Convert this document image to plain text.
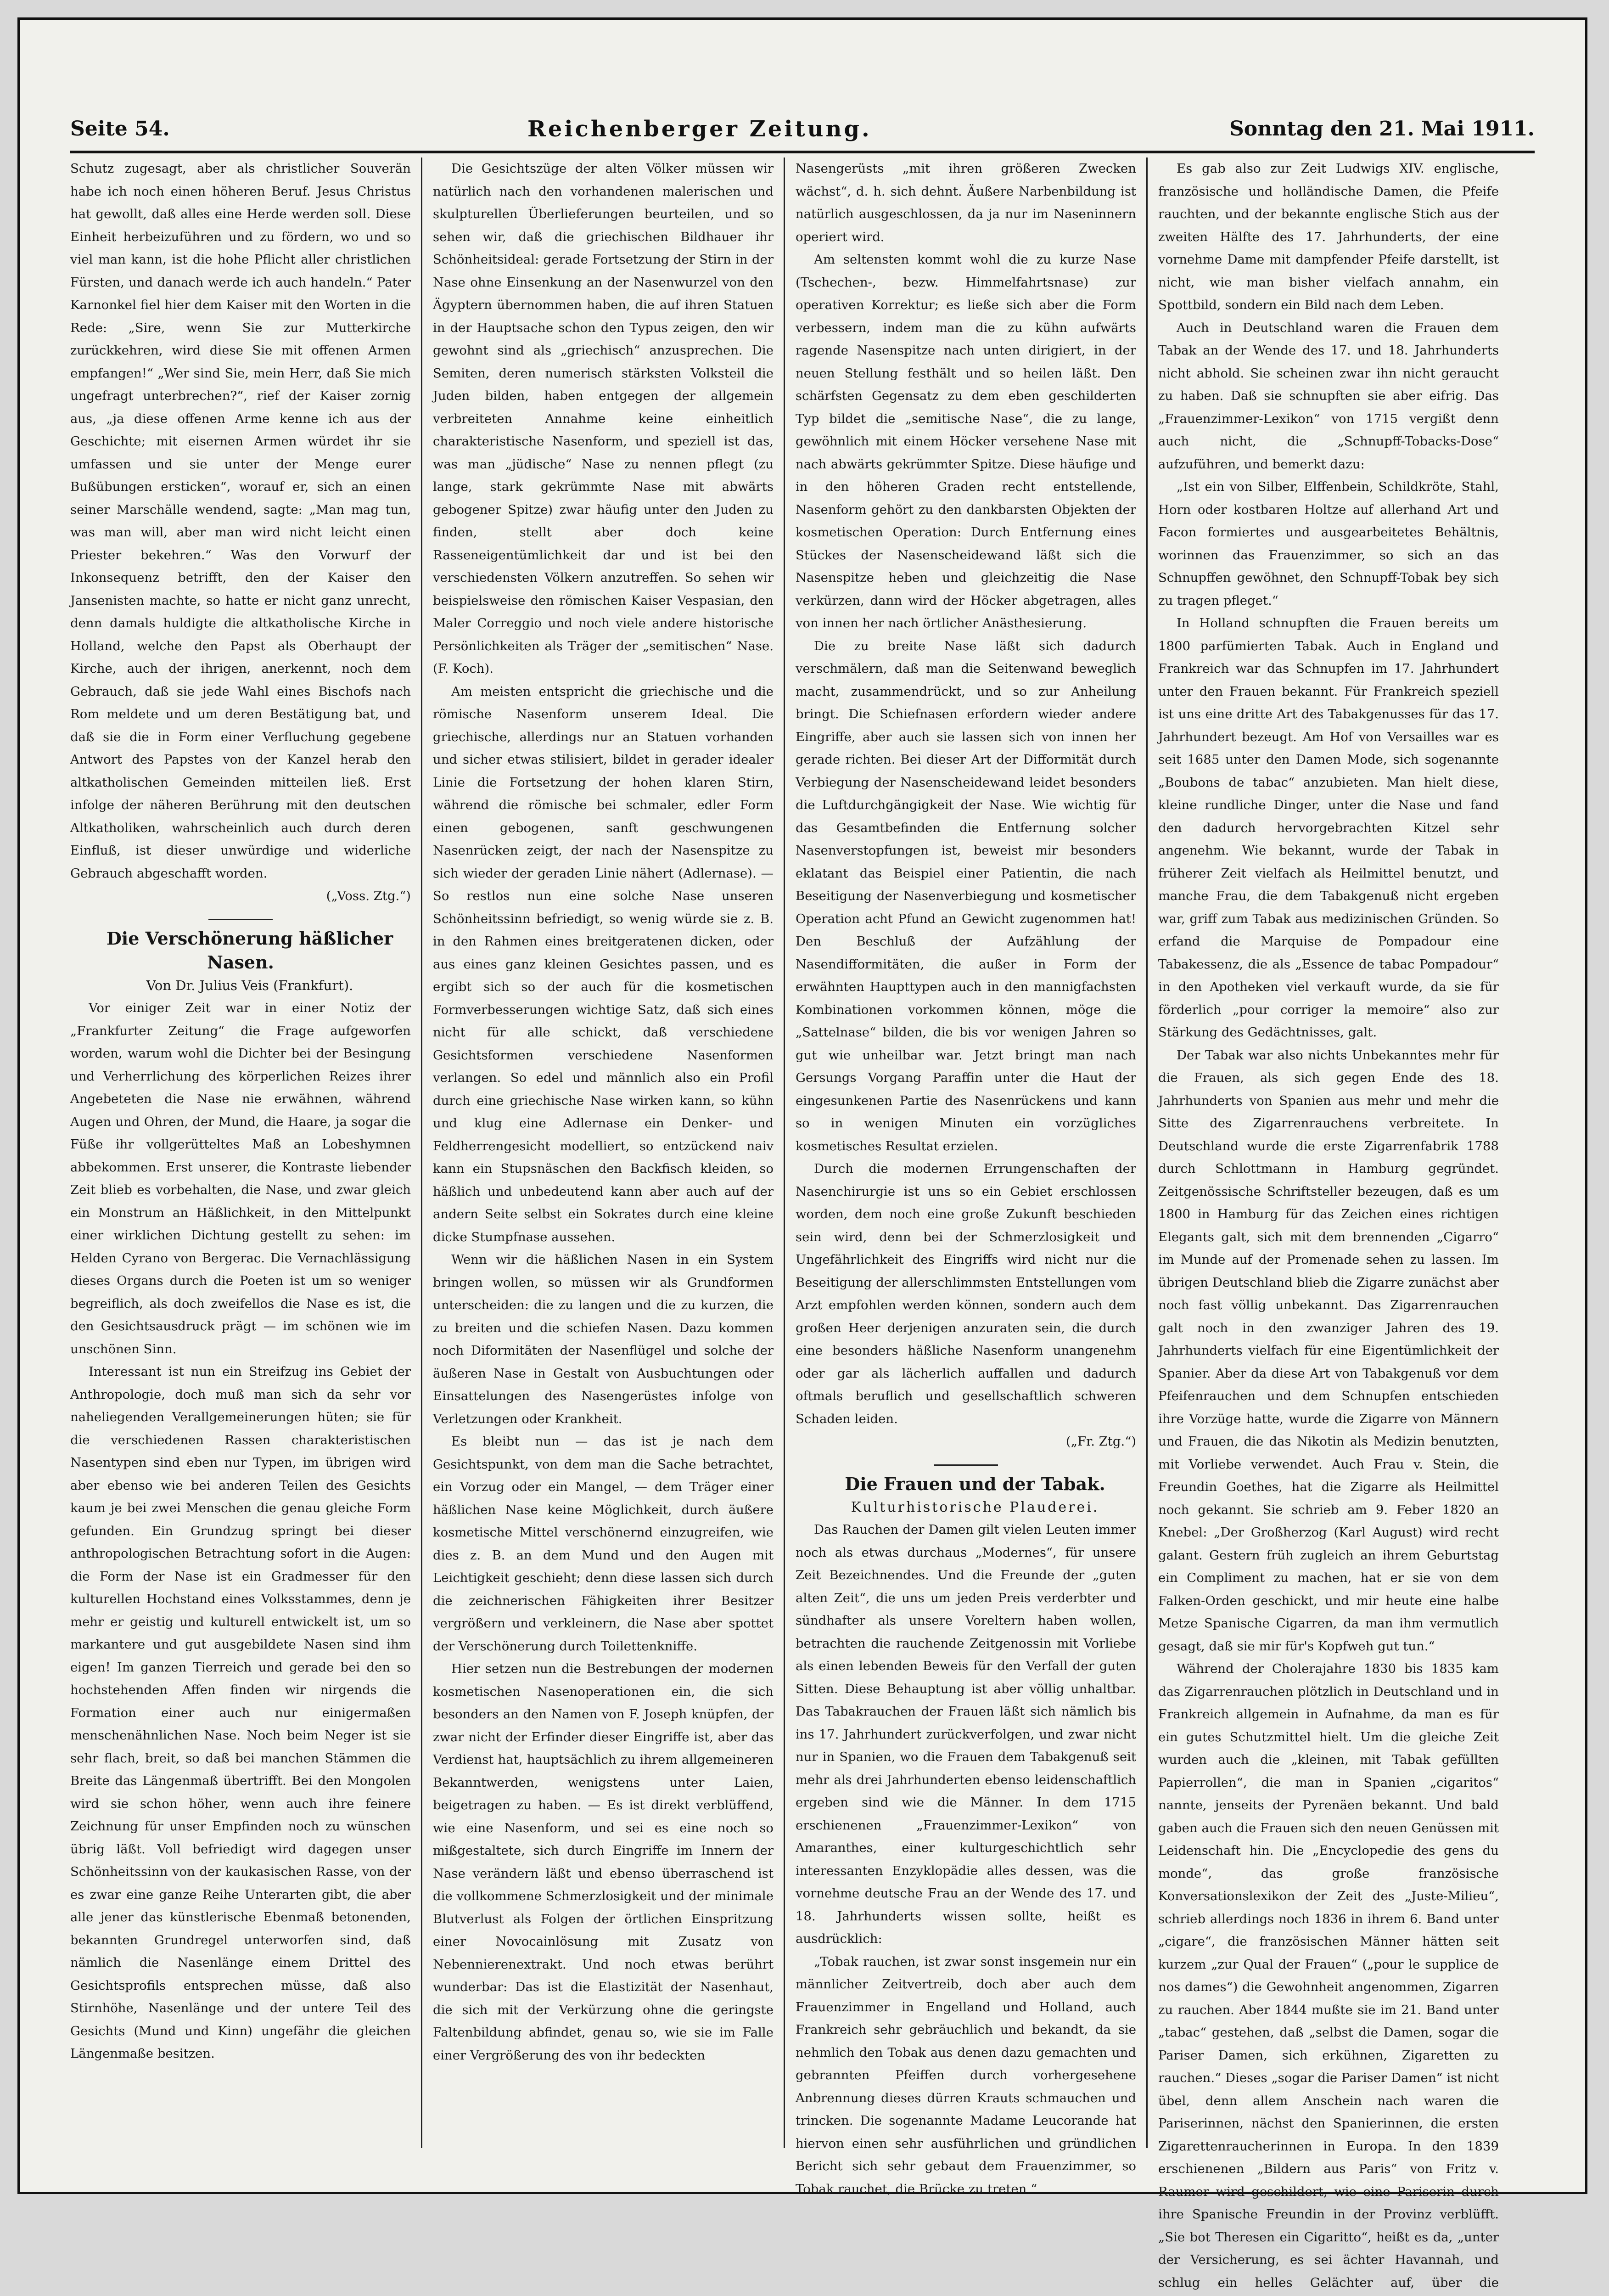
Seite 54.	Reichenberger Zeitung.	Sonntag den 21. Mai 1911.

Schutz zugesagt, aber als christlicher Souverän habe ich noch einen höheren Beruf. Jesus Christus hat gewollt, daß alles eine Herde werden soll. Diese Einheit herbeizuführen und zu fördern, wo und so viel man kann, ist die hohe Pflicht aller christlichen Fürsten, und danach werde ich auch handeln.“ Pater Karnonkel fiel hier dem Kaiser mit den Worten in die Rede: „Sire, wenn Sie zur Mutterkirche zurückkehren, wird diese Sie mit offenen Armen empfangen!“ „Wer sind Sie, mein Herr, daß Sie mich ungefragt unterbrechen?“, rief der Kaiser zornig aus, „ja diese offenen Arme kenne ich aus der Geschichte; mit eisernen Armen würdet ihr sie umfassen und sie unter der Menge eurer Bußübungen ersticken“, worauf er, sich an einen seiner Marschälle wendend, sagte: „Man mag tun, was man will, aber man wird nicht leicht einen Priester bekehren.“ Was den Vorwurf der Inkonsequenz betrifft, den der Kaiser den Jansenisten machte, so hatte er nicht ganz unrecht, denn damals huldigte die altkatholische Kirche in Holland, welche den Papst als Oberhaupt der Kirche, auch der ihrigen, anerkennt, noch dem Gebrauch, daß sie jede Wahl eines Bischofs nach Rom meldete und um deren Bestätigung bat, und daß sie die in Form einer Verfluchung gegebene Antwort des Papstes von der Kanzel herab den altkatholischen Gemeinden mitteilen ließ. Erst infolge der näheren Berührung mit den deutschen Altkatholiken, wahrscheinlich auch durch deren Einfluß, ist dieser unwürdige und widerliche Gebrauch abgeschafft worden.

(„Voss. Ztg.“)

Die Verschönerung häßlicher Nasen.

Von Dr. Julius Veis (Frankfurt).

Vor einiger Zeit war in einer Notiz der „Frankfurter Zeitung“ die Frage aufgeworfen worden, warum wohl die Dichter bei der Besingung und Verherrlichung des körperlichen Reizes ihrer Angebeteten die Nase nie erwähnen, während Augen und Ohren, der Mund, die Haare, ja sogar die Füße ihr vollgerütteltes Maß an Lobeshymnen abbekommen. Erst unserer, die Kontraste liebender Zeit blieb es vorbehalten, die Nase, und zwar gleich ein Monstrum an Häßlichkeit, in den Mittelpunkt einer wirklichen Dichtung gestellt zu sehen: im Helden Cyrano von Bergerac. Die Vernachlässigung dieses Organs durch die Poeten ist um so weniger begreiflich, als doch zweifellos die Nase es ist, die den Gesichtsausdruck prägt — im schönen wie im unschönen Sinn.

Interessant ist nun ein Streifzug ins Gebiet der Anthropologie, doch muß man sich da sehr vor naheliegenden Verallgemeinerungen hüten; sie für die verschiedenen Rassen charakteristischen Nasentypen sind eben nur Typen, im übrigen wird aber ebenso wie bei anderen Teilen des Gesichts kaum je bei zwei Menschen die genau gleiche Form gefunden. Ein Grundzug springt bei dieser anthropologischen Betrachtung sofort in die Augen: die Form der Nase ist ein Gradmesser für den kulturellen Hochstand eines Volksstammes, denn je mehr er geistig und kulturell entwickelt ist, um so markantere und gut ausgebildete Nasen sind ihm eigen! Im ganzen Tierreich und gerade bei den so hochstehenden Affen finden wir nirgends die Formation einer auch nur einigermaßen menschenähnlichen Nase. Noch beim Neger ist sie sehr flach, breit, so daß bei manchen Stämmen die Breite das Längenmaß übertrifft. Bei den Mongolen wird sie schon höher, wenn auch ihre feinere Zeichnung für unser Empfinden noch zu wünschen übrig läßt. Voll befriedigt wird dagegen unser Schönheitssinn von der kaukasischen Rasse, von der es zwar eine ganze Reihe Unterarten gibt, die aber alle jener das künstlerische Ebenmaß betonenden, bekannten Grundregel unterworfen sind, daß nämlich die Nasenlänge einem Drittel des Gesichtsprofils entsprechen müsse, daß also Stirnhöhe, Nasenlänge und der untere Teil des Gesichts (Mund und Kinn) ungefähr die gleichen Längenmaße besitzen.

Die Gesichtszüge der alten Völker müssen wir natürlich nach den vorhandenen malerischen und skulpturellen Überlieferungen beurteilen, und so sehen wir, daß die griechischen Bildhauer ihr Schönheitsideal: gerade Fortsetzung der Stirn in der Nase ohne Einsenkung an der Nasenwurzel von den Ägyptern übernommen haben, die auf ihren Statuen in der Hauptsache schon den Typus zeigen, den wir gewohnt sind als „griechisch“ anzusprechen. Die Semiten, deren numerisch stärksten Volksteil die Juden bilden, haben entgegen der allgemein verbreiteten Annahme keine einheitlich charakteristische Nasenform, und speziell ist das, was man „jüdische“ Nase zu nennen pflegt (zu lange, stark gekrümmte Nase mit abwärts gebogener Spitze) zwar häufig unter den Juden zu finden, stellt aber doch keine Rasseneigentümlichkeit dar und ist bei den verschiedensten Völkern anzutreffen. So sehen wir beispielsweise den römischen Kaiser Vespasian, den Maler Correggio und noch viele andere historische Persönlichkeiten als Träger der „semitischen“ Nase. (F. Koch).

Am meisten entspricht die griechische und die römische Nasenform unserem Ideal. Die griechische, allerdings nur an Statuen vorhanden und sicher etwas stilisiert, bildet in gerader idealer Linie die Fortsetzung der hohen klaren Stirn, während die römische bei schmaler, edler Form einen gebogenen, sanft geschwungenen Nasenrücken zeigt, der nach der Nasenspitze zu sich wieder der geraden Linie nähert (Adlernase). — So restlos nun eine solche Nase unseren Schönheitssinn befriedigt, so wenig würde sie z. B. in den Rahmen eines breitgeratenen dicken, oder aus eines ganz kleinen Gesichtes passen, und es ergibt sich so der auch für die kosmetischen Formverbesserungen wichtige Satz, daß sich eines nicht für alle schickt, daß verschiedene Gesichtsformen verschiedene Nasenformen verlangen. So edel und männlich also ein Profil durch eine griechische Nase wirken kann, so kühn und klug eine Adlernase ein Denker- und Feldherrengesicht modelliert, so entzückend naiv kann ein Stupsnäschen den Backfisch kleiden, so häßlich und unbedeutend kann aber auch auf der andern Seite selbst ein Sokrates durch eine kleine dicke Stumpfnase aussehen.

Wenn wir die häßlichen Nasen in ein System bringen wollen, so müssen wir als Grundformen unterscheiden: die zu langen und die zu kurzen, die zu breiten und die schiefen Nasen. Dazu kommen noch Diformitäten der Nasenflügel und solche der äußeren Nase in Gestalt von Ausbuchtungen oder Einsattelungen des Nasengerüstes infolge von Verletzungen oder Krankheit.

Es bleibt nun — das ist je nach dem Gesichtspunkt, von dem man die Sache betrachtet, ein Vorzug oder ein Mangel, — dem Träger einer häßlichen Nase keine Möglichkeit, durch äußere kosmetische Mittel verschönernd einzugreifen, wie dies z. B. an dem Mund und den Augen mit Leichtigkeit geschieht; denn diese lassen sich durch die zeichnerischen Fähigkeiten ihrer Besitzer vergrößern und verkleinern, die Nase aber spottet der Verschönerung durch Toilettenkniffe.

Hier setzen nun die Bestrebungen der modernen kosmetischen Nasenoperationen ein, die sich besonders an den Namen von F. Joseph knüpfen, der zwar nicht der Erfinder dieser Eingriffe ist, aber das Verdienst hat, hauptsächlich zu ihrem allgemeineren Bekanntwerden, wenigstens unter Laien, beigetragen zu haben. — Es ist direkt verblüffend, wie eine Nasenform, und sei es eine noch so mißgestaltete, sich durch Eingriffe im Innern der Nase verändern läßt und ebenso überraschend ist die vollkommene Schmerzlosigkeit und der minimale Blutverlust als Folgen der örtlichen Einspritzung einer Novocainlösung mit Zusatz von Nebennierenextrakt. Und noch etwas berührt wunderbar: Das ist die Elastizität der Nasenhaut, die sich mit der Verkürzung ohne die geringste Faltenbildung abfindet, genau so, wie sie im Falle einer Vergrößerung des von ihr bedeckten

Nasengerüsts „mit ihren größeren Zwecken wächst“, d. h. sich dehnt. Äußere Narbenbildung ist natürlich ausgeschlossen, da ja nur im Naseninnern operiert wird.

Am seltensten kommt wohl die zu kurze Nase (Tschechen-, bezw. Himmelfahrtsnase) zur operativen Korrektur; es ließe sich aber die Form verbessern, indem man die zu kühn aufwärts ragende Nasenspitze nach unten dirigiert, in der neuen Stellung festhält und so heilen läßt. Den schärfsten Gegensatz zu dem eben geschilderten Typ bildet die „semitische Nase“, die zu lange, gewöhnlich mit einem Höcker versehene Nase mit nach abwärts gekrümmter Spitze. Diese häufige und in den höheren Graden recht entstellende, Nasenform gehört zu den dankbarsten Objekten der kosmetischen Operation: Durch Entfernung eines Stückes der Nasenscheidewand läßt sich die Nasenspitze heben und gleichzeitig die Nase verkürzen, dann wird der Höcker abgetragen, alles von innen her nach örtlicher Anästhesierung.

Die zu breite Nase läßt sich dadurch verschmälern, daß man die Seitenwand beweglich macht, zusammendrückt, und so zur Anheilung bringt. Die Schiefnasen erfordern wieder andere Eingriffe, aber auch sie lassen sich von innen her gerade richten. Bei dieser Art der Difformität durch Verbiegung der Nasenscheidewand leidet besonders die Luftdurchgängigkeit der Nase. Wie wichtig für das Gesamtbefinden die Entfernung solcher Nasenverstopfungen ist, beweist mir besonders eklatant das Beispiel einer Patientin, die nach Beseitigung der Nasenverbiegung und kosmetischer Operation acht Pfund an Gewicht zugenommen hat! Den Beschluß der Aufzählung der Nasendifformitäten, die außer in Form der erwähnten Haupttypen auch in den mannigfachsten Kombinationen vorkommen können, möge die „Sattelnase“ bilden, die bis vor wenigen Jahren so gut wie unheilbar war. Jetzt bringt man nach Gersungs Vorgang Paraffin unter die Haut der eingesunkenen Partie des Nasenrückens und kann so in wenigen Minuten ein vorzügliches kosmetisches Resultat erzielen.

Durch die modernen Errungenschaften der Nasenchirurgie ist uns so ein Gebiet erschlossen worden, dem noch eine große Zukunft beschieden sein wird, denn bei der Schmerzlosigkeit und Ungefährlichkeit des Eingriffs wird nicht nur die Beseitigung der allerschlimmsten Entstellungen vom Arzt empfohlen werden können, sondern auch dem großen Heer derjenigen anzuraten sein, die durch eine besonders häßliche Nasenform unangenehm oder gar als lächerlich auffallen und dadurch oftmals beruflich und gesellschaftlich schweren Schaden leiden.

(„Fr. Ztg.“)

Die Frauen und der Tabak.

Kulturhistorische Plauderei.

Das Rauchen der Damen gilt vielen Leuten immer noch als etwas durchaus „Modernes“, für unsere Zeit Bezeichnendes. Und die Freunde der „guten alten Zeit“, die uns um jeden Preis verderbter und sündhafter als unsere Voreltern haben wollen, betrachten die rauchende Zeitgenossin mit Vorliebe als einen lebenden Beweis für den Verfall der guten Sitten. Diese Behauptung ist aber völlig unhaltbar. Das Tabakrauchen der Frauen läßt sich nämlich bis ins 17. Jahrhundert zurückverfolgen, und zwar nicht nur in Spanien, wo die Frauen dem Tabakgenuß seit mehr als drei Jahrhunderten ebenso leidenschaftlich ergeben sind wie die Männer. In dem 1715 erschienenen „Frauenzimmer-Lexikon“ von Amaranthes, einer kulturgeschichtlich sehr interessanten Enzyklopädie alles dessen, was die vornehme deutsche Frau an der Wende des 17. und 18. Jahrhunderts wissen sollte, heißt es ausdrücklich:

„Tobak rauchen, ist zwar sonst insgemein nur ein männlicher Zeitvertreib, doch aber auch dem Frauenzimmer in Engelland und Holland, auch Frankreich sehr gebräuchlich und bekandt, da sie nehmlich den Tobak aus denen dazu gemachten und gebrannten Pfeiffen durch vorhergesehene Anbrennung dieses dürren Krauts schmauchen und trincken. Die sogenannte Madame Leucorande hat hiervon einen sehr ausführlichen und gründlichen Bericht sich sehr gebaut dem Frauenzimmer, so Tobak rauchet, die Brücke zu treten.“

Es gab also zur Zeit Ludwigs XIV. englische, französische und holländische Damen, die Pfeife rauchten, und der bekannte englische Stich aus der zweiten Hälfte des 17. Jahrhunderts, der eine vornehme Dame mit dampfender Pfeife darstellt, ist nicht, wie man bisher vielfach annahm, ein Spottbild, sondern ein Bild nach dem Leben.

Auch in Deutschland waren die Frauen dem Tabak an der Wende des 17. und 18. Jahrhunderts nicht abhold. Sie scheinen zwar ihn nicht geraucht zu haben. Daß sie schnupften sie aber eifrig. Das „Frauenzimmer-Lexikon“ von 1715 vergißt denn auch nicht, die „Schnupff-Tobacks-Dose“ aufzuführen, und bemerkt dazu:

„Ist ein von Silber, Elffenbein, Schildkröte, Stahl, Horn oder kostbaren Holtze auf allerhand Art und Facon formiertes und ausgearbeitetes Behältnis, worinnen das Frauenzimmer, so sich an das Schnupffen gewöhnet, den Schnupff-Tobak bey sich zu tragen pfleget.“

In Holland schnupften die Frauen bereits um 1800 parfümierten Tabak. Auch in England und Frankreich war das Schnupfen im 17. Jahrhundert unter den Frauen bekannt. Für Frankreich speziell ist uns eine dritte Art des Tabakgenusses für das 17. Jahrhundert bezeugt. Am Hof von Versailles war es seit 1685 unter den Damen Mode, sich sogenannte „Boubons de tabac“ anzubieten. Man hielt diese, kleine rundliche Dinger, unter die Nase und fand den dadurch hervorgebrachten Kitzel sehr angenehm. Wie bekannt, wurde der Tabak in früherer Zeit vielfach als Heilmittel benutzt, und manche Frau, die dem Tabakgenuß nicht ergeben war, griff zum Tabak aus medizinischen Gründen. So erfand die Marquise de Pompadour eine Tabakessenz, die als „Essence de tabac Pompadour“ in den Apotheken viel verkauft wurde, da sie für förderlich „pour corriger la memoire“ also zur Stärkung des Gedächtnisses, galt.

Der Tabak war also nichts Unbekanntes mehr für die Frauen, als sich gegen Ende des 18. Jahrhunderts von Spanien aus mehr und mehr die Sitte des Zigarrenrauchens verbreitete. In Deutschland wurde die erste Zigarrenfabrik 1788 durch Schlottmann in Hamburg gegründet. Zeitgenössische Schriftsteller bezeugen, daß es um 1800 in Hamburg für das Zeichen eines richtigen Elegants galt, sich mit dem brennenden „Cigarro“ im Munde auf der Promenade sehen zu lassen. Im übrigen Deutschland blieb die Zigarre zunächst aber noch fast völlig unbekannt. Das Zigarrenrauchen galt noch in den zwanziger Jahren des 19. Jahrhunderts vielfach für eine Eigentümlichkeit der Spanier. Aber da diese Art von Tabakgenuß vor dem Pfeifenrauchen und dem Schnupfen entschieden ihre Vorzüge hatte, wurde die Zigarre von Männern und Frauen, die das Nikotin als Medizin benutzten, mit Vorliebe verwendet. Auch Frau v. Stein, die Freundin Goethes, hat die Zigarre als Heilmittel noch gekannt. Sie schrieb am 9. Feber 1820 an Knebel: „Der Großherzog (Karl August) wird recht galant. Gestern früh zugleich an ihrem Geburtstag ein Compliment zu machen, hat er sie von dem Falken-Orden geschickt, und mir heute eine halbe Metze Spanische Cigarren, da man ihm vermutlich gesagt, daß sie mir für's Kopfweh gut tun.“

Während der Cholerajahre 1830 bis 1835 kam das Zigarrenrauchen plötzlich in Deutschland und in Frankreich allgemein in Aufnahme, da man es für ein gutes Schutzmittel hielt. Um die gleiche Zeit wurden auch die „kleinen, mit Tabak gefüllten Papierrollen“, die man in Spanien „cigaritos“ nannte, jenseits der Pyrenäen bekannt. Und bald gaben auch die Frauen sich den neuen Genüssen mit Leidenschaft hin. Die „Encyclopedie des gens du monde“, das große französische Konversationslexikon der Zeit des „Juste-Milieu“, schrieb allerdings noch 1836 in ihrem 6. Band unter „cigare“, die französischen Männer hätten seit kurzem „zur Qual der Frauen“ („pour le supplice de nos dames“) die Gewohnheit angenommen, Zigarren zu rauchen. Aber 1844 mußte sie im 21. Band unter „tabac“ gestehen, daß „selbst die Damen, sogar die Pariser Damen, sich erkühnen, Zigaretten zu rauchen.“ Dieses „sogar die Pariser Damen“ ist nicht übel, denn allem Anschein nach waren die Pariserinnen, nächst den Spanierinnen, die ersten Zigarettenraucherinnen in Europa. In den 1839 erschienenen „Bildern aus Paris“ von Fritz v. Raumer wird geschildert, wie eine Pariserin durch ihre Spanische Freundin in der Provinz verblüfft. „Sie bot Theresen ein Cigaritto“, heißt es da, „unter der Versicherung, es sei ächter Havannah, und schlug ein helles Gelächter auf, über die
